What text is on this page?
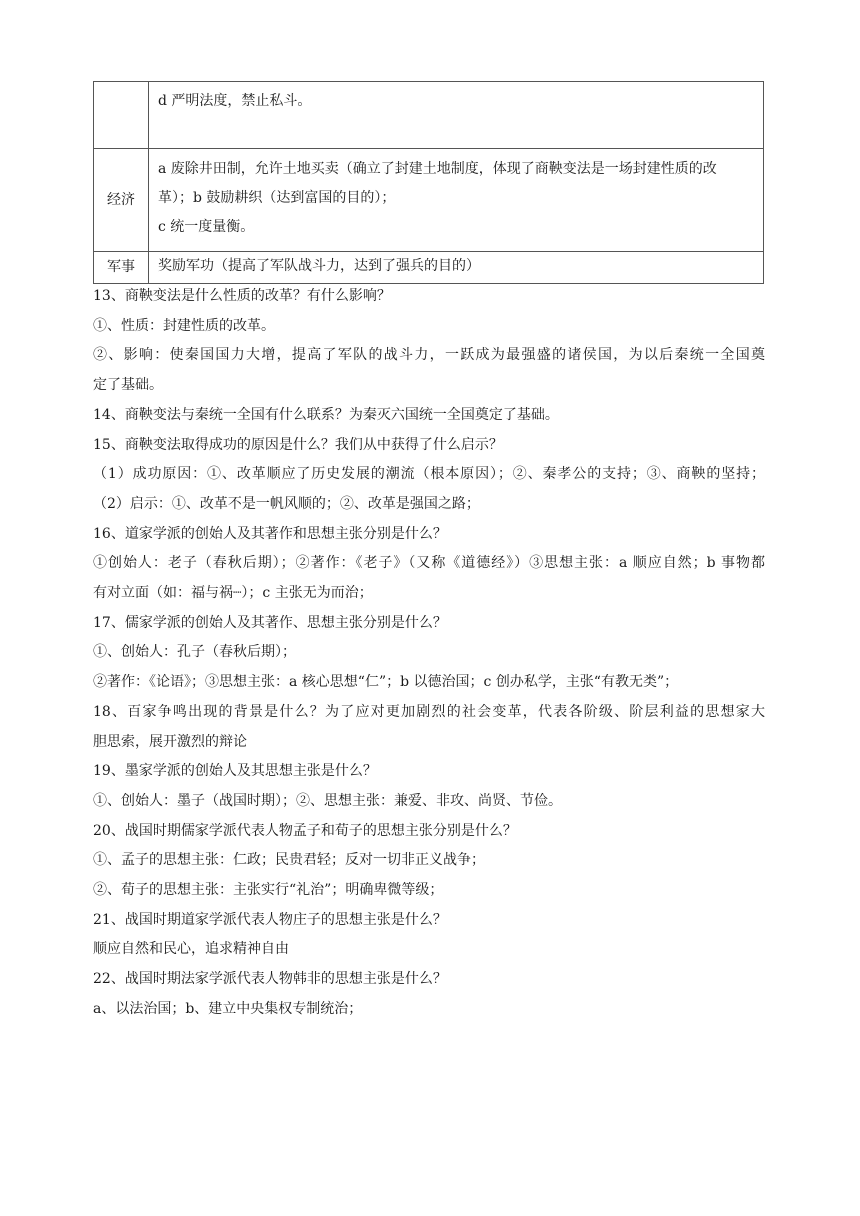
	d 严明法度，禁止私斗。

经济	a 废除井田制，允许土地买卖（确立了封建土地制度，体现了商鞅变法是一场封建性质的改
革）；b 鼓励耕织（达到富国的目的）；
c 统一度量衡。

军事	奖励军功（提高了军队战斗力，达到了强兵的目的）
13、商鞅变法是什么性质的改革？有什么影响？
①、性质：封建性质的改革。
②、影响：使秦国国力大增，提高了军队的战斗力，一跃成为最强盛的诸侯国，为以后秦统一全国奠
定了基础。
14、商鞅变法与秦统一全国有什么联系？为秦灭六国统一全国奠定了基础。
15、商鞅变法取得成功的原因是什么？我们从中获得了什么启示？
（1）成功原因：①、改革顺应了历史发展的潮流（根本原因）；②、秦孝公的支持；③、商鞅的坚持；
（2）启示：①、改革不是一帆风顺的；②、改革是强国之路；
16、道家学派的创始人及其著作和思想主张分别是什么？
①创始人：老子（春秋后期）；②著作：《老子》（又称《道德经》）③思想主张：a 顺应自然；b 事物都
有对立面（如：福与祸┈）；c 主张无为而治；
17、儒家学派的创始人及其著作、思想主张分别是什么？
①、创始人：孔子（春秋后期）；
②著作：《论语》；③思想主张：a 核心思想“仁”；b 以德治国；c 创办私学，主张“有教无类”；
18、百家争鸣出现的背景是什么？为了应对更加剧烈的社会变革，代表各阶级、阶层利益的思想家大
胆思索，展开激烈的辩论
19、墨家学派的创始人及其思想主张是什么？
①、创始人：墨子（战国时期）；②、思想主张：兼爱、非攻、尚贤、节俭。
20、战国时期儒家学派代表人物孟子和荀子的思想主张分别是什么？
①、孟子的思想主张：仁政；民贵君轻；反对一切非正义战争；
②、荀子的思想主张：主张实行“礼治”；明确卑微等级；
21、战国时期道家学派代表人物庄子的思想主张是什么？
顺应自然和民心，追求精神自由
22、战国时期法家学派代表人物韩非的思想主张是什么？
a、以法治国；b、建立中央集权专制统治；
